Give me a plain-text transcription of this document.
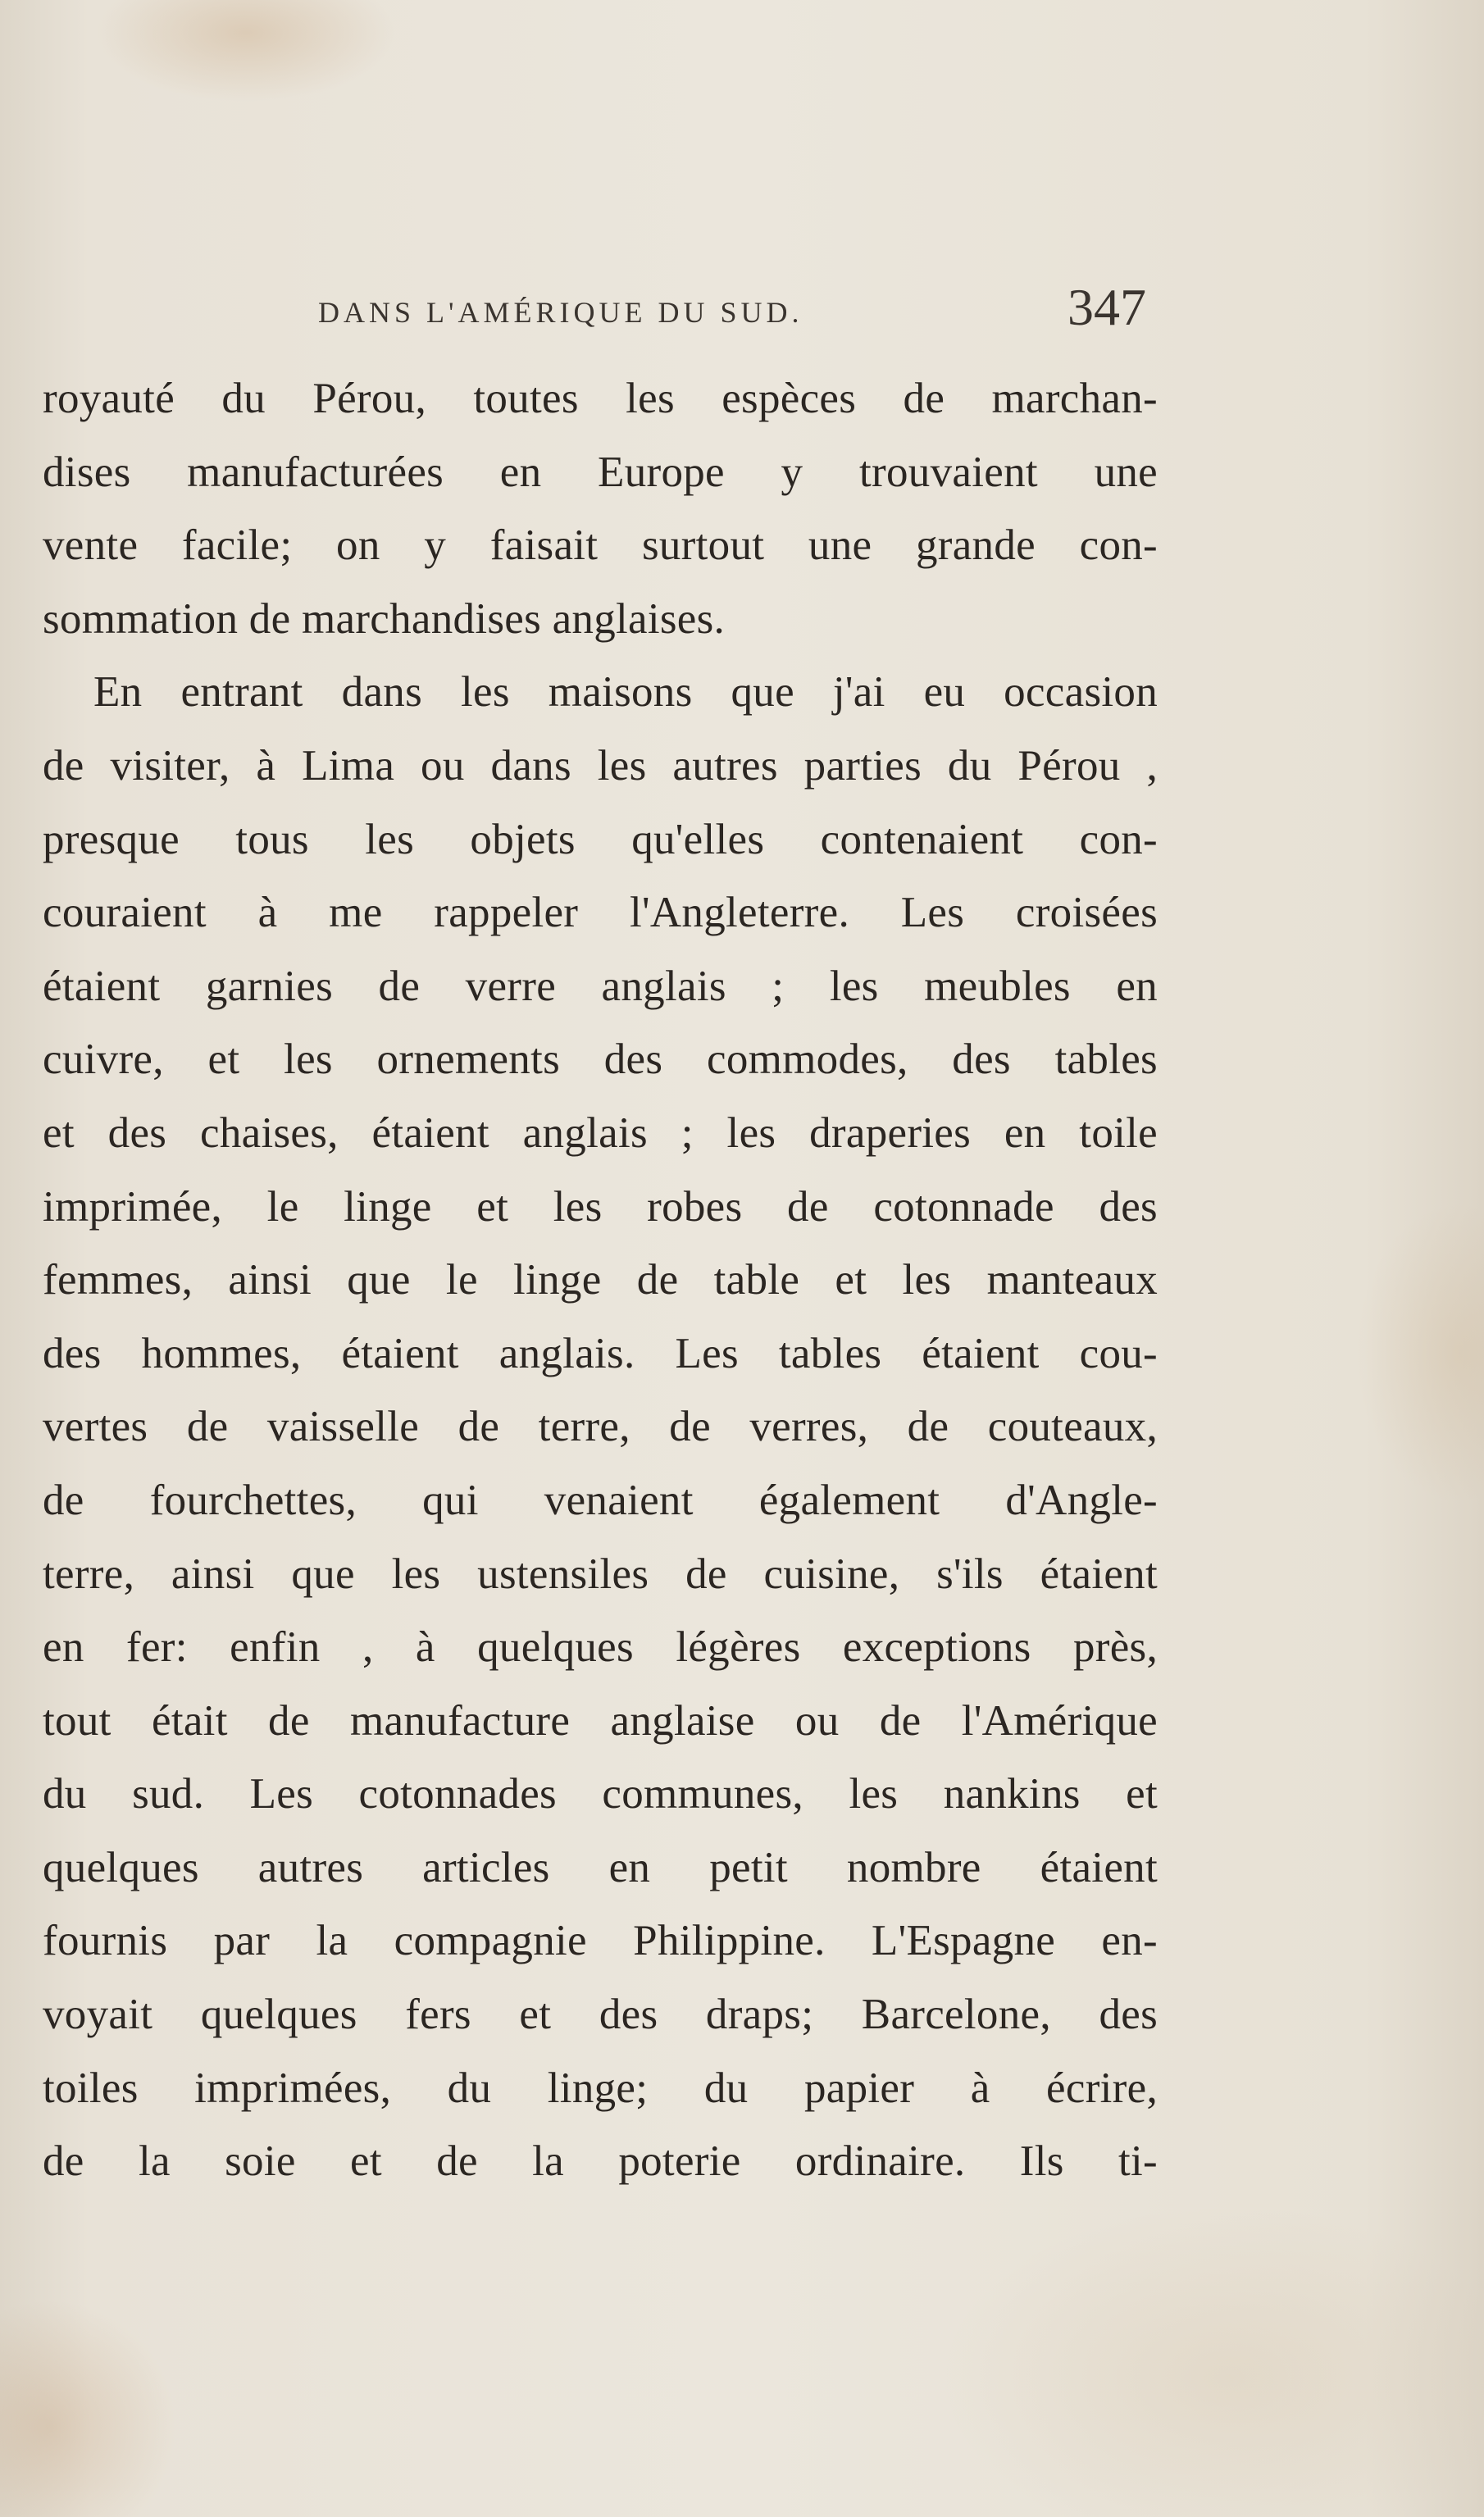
DANS L'AMÉRIQUE DU SUD.	347
royauté du Pérou, toutes les espèces de marchan-
dises manufacturées en Europe y trouvaient une
vente facile; on y faisait surtout une grande con-
sommation de marchandises anglaises.
En entrant dans les maisons que j'ai eu occasion
de visiter, à Lima ou dans les autres parties du Pérou ,
presque tous les objets qu'elles contenaient con-
couraient à me rappeler l'Angleterre. Les croisées
étaient garnies de verre anglais ; les meubles en
cuivre, et les ornements des commodes, des tables
et des chaises, étaient anglais ; les draperies en toile
imprimée, le linge et les robes de cotonnade des
femmes, ainsi que le linge de table et les manteaux
des hommes, étaient anglais. Les tables étaient cou-
vertes de vaisselle de terre, de verres, de couteaux,
de fourchettes, qui venaient également d'Angle-
terre, ainsi que les ustensiles de cuisine, s'ils étaient
en fer: enfin , à quelques légères exceptions près,
tout était de manufacture anglaise ou de l'Amérique
du sud. Les cotonnades communes, les nankins et
quelques autres articles en petit nombre étaient
fournis par la compagnie Philippine. L'Espagne en-
voyait quelques fers et des draps; Barcelone, des
toiles imprimées, du linge; du papier à écrire,
de la soie et de la poterie ordinaire. Ils ti-
